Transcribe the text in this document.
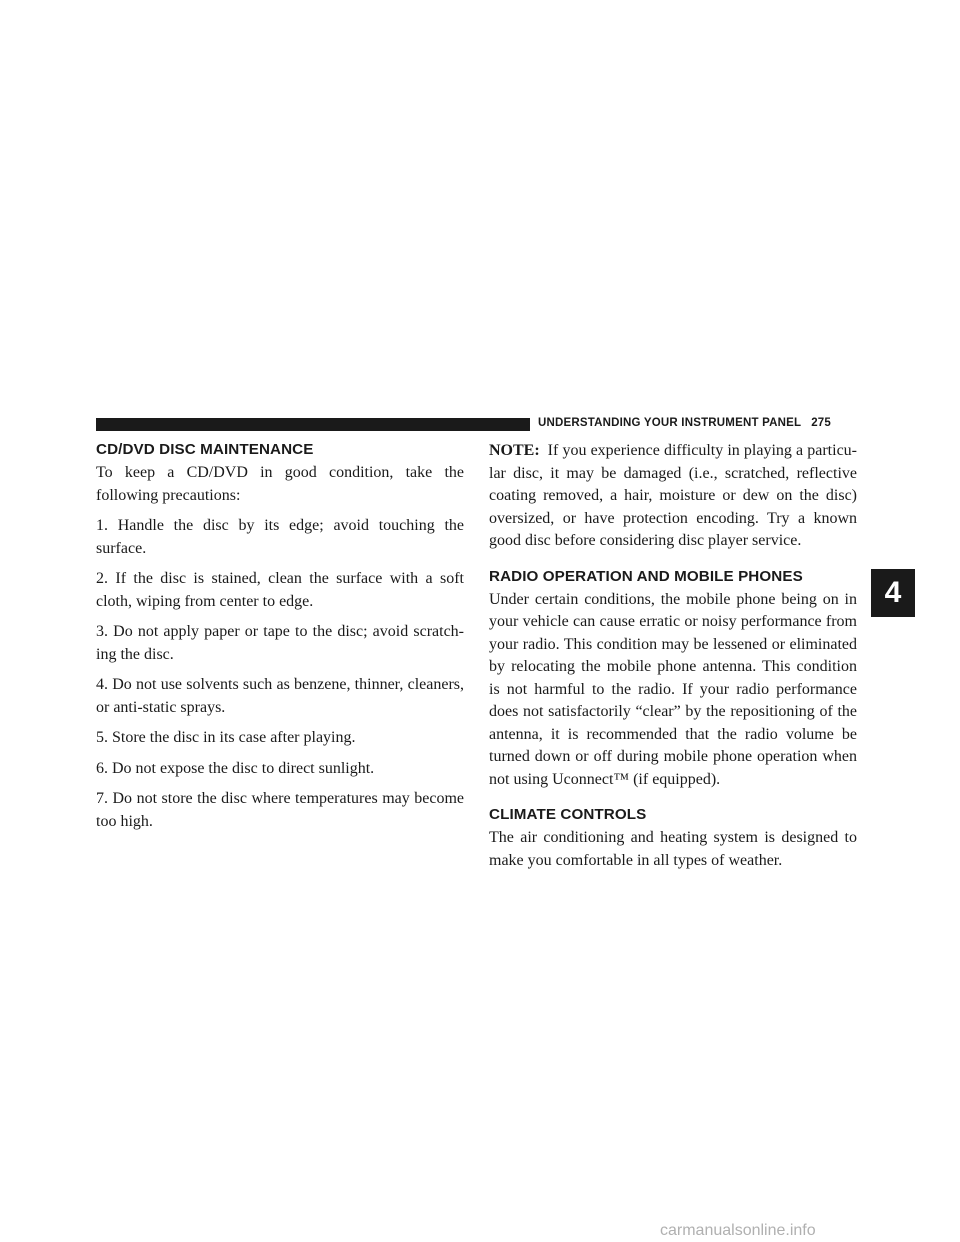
UNDERSTANDING YOUR INSTRUMENT PANEL 275
CD/DVD DISC MAINTENANCE

To keep a CD/DVD in good condition, take the following precautions:

1. Handle the disc by its edge; avoid touching the surface.

2. If the disc is stained, clean the surface with a soft cloth, wiping from center to edge.

3. Do not apply paper or tape to the disc; avoid scratch-ing the disc.

4. Do not use solvents such as benzene, thinner, cleaners, or anti-static sprays.

5. Store the disc in its case after playing.

6. Do not expose the disc to direct sunlight.

7. Do not store the disc where temperatures may become too high.

NOTE: If you experience difficulty in playing a particu-lar disc, it may be damaged (i.e., scratched, reflective coating removed, a hair, moisture or dew on the disc) oversized, or have protection encoding. Try a known good disc before considering disc player service.

RADIO OPERATION AND MOBILE PHONES

Under certain conditions, the mobile phone being on in your vehicle can cause erratic or noisy performance from your radio. This condition may be lessened or eliminated by relocating the mobile phone antenna. This condition is not harmful to the radio. If your radio performance does not satisfactorily “clear” by the repositioning of the antenna, it is recommended that the radio volume be turned down or off during mobile phone operation when not using Uconnect™ (if equipped).

CLIMATE CONTROLS

The air conditioning and heating system is designed to make you comfortable in all types of weather.

4
carmanualsonline.info
